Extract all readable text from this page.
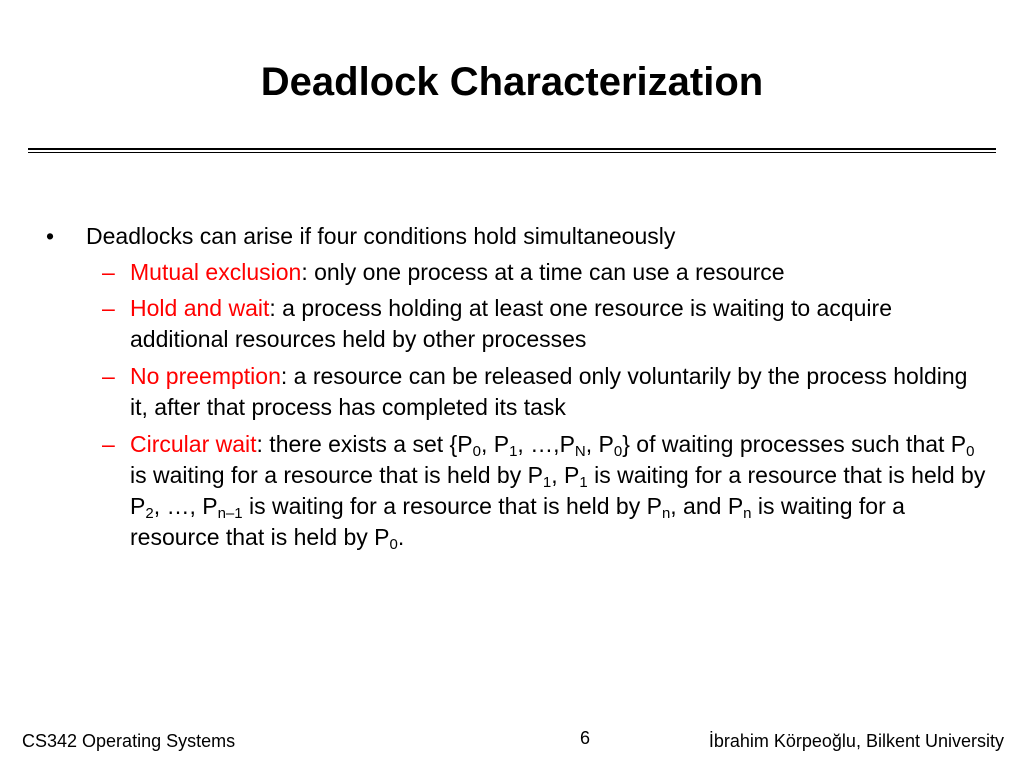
Deadlock Characterization
• Deadlocks can arise if four conditions hold simultaneously
– Mutual exclusion: only one process at a time can use a resource
– Hold and wait: a process holding at least one resource is waiting to acquire additional resources held by other processes
– No preemption: a resource can be released only voluntarily by the process holding it, after that process has completed its task
– Circular wait: there exists a set {$P_0$, $P_1$, $\dots,P_N$, $P_0$} of waiting processes such that $P_0$ is waiting for a resource that is held by $P_1$, $P_1$ is waiting for a resource that is held by $P_2$, …, $P_{n-1}$ is waiting for a resource that is held by $P_n$, and $P_n$ is waiting for a resource that is held by $P_0$.
CS342 Operating Systems	6	İbrahim Körpeoğlu, Bilkent University
